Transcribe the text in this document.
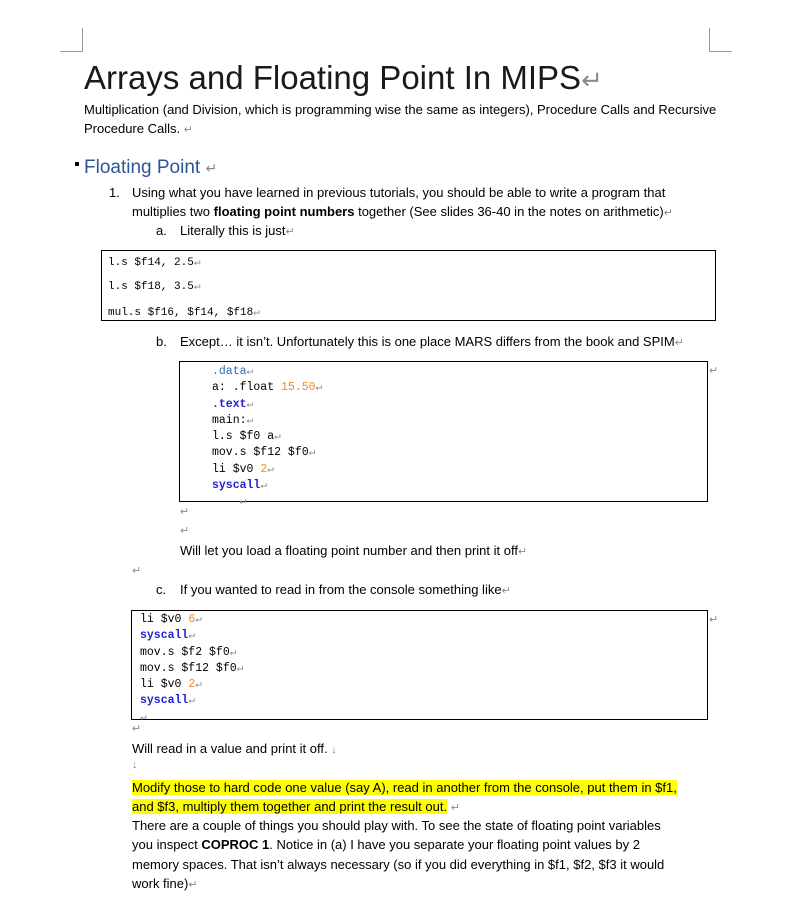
Arrays and Floating Point In MIPS↵
Multiplication (and Division, which is programming wise the same as integers), Procedure Calls and Recursive Procedure Calls. ↵
Floating Point ↵
1. Using what you have learned in previous tutorials, you should be able to write a program that
multiplies two floating point numbers together (See slides 36-40 in the notes on arithmetic)↵
a. Literally this is just↵
l.s $f14, 2.5↵
l.s $f18, 3.5↵
mul.s $f16, $f14, $f18↵
b. Except… it isn’t. Unfortunately this is one place MARS differs from the book and SPIM↵
.data↵
a: .float 15.50↵
.text↵
main:↵
l.s $f0 a↵
mov.s $f12 $f0↵
li $v0 2↵
syscall↵
↵
↵
↵
↵
Will let you load a floating point number and then print it off↵
↵
c. If you wanted to read in from the console something like↵
li $v0 6↵
syscall↵
mov.s $f2 $f0↵
mov.s $f12 $f0↵
li $v0 2↵
syscall↵
↵
↵
↵
Will read in a value and print it off. ↓
↓
Modify those to hard code one value (say A), read in another from the console, put them in $f1,
and $f3, multiply them together and print the result out. ↵
There are a couple of things you should play with. To see the state of floating point variables
you inspect COPROC 1. Notice in (a) I have you separate your floating point values by 2
memory spaces. That isn’t always necessary (so if you did everything in $f1, $f2, $f3 it would
work fine)↵
